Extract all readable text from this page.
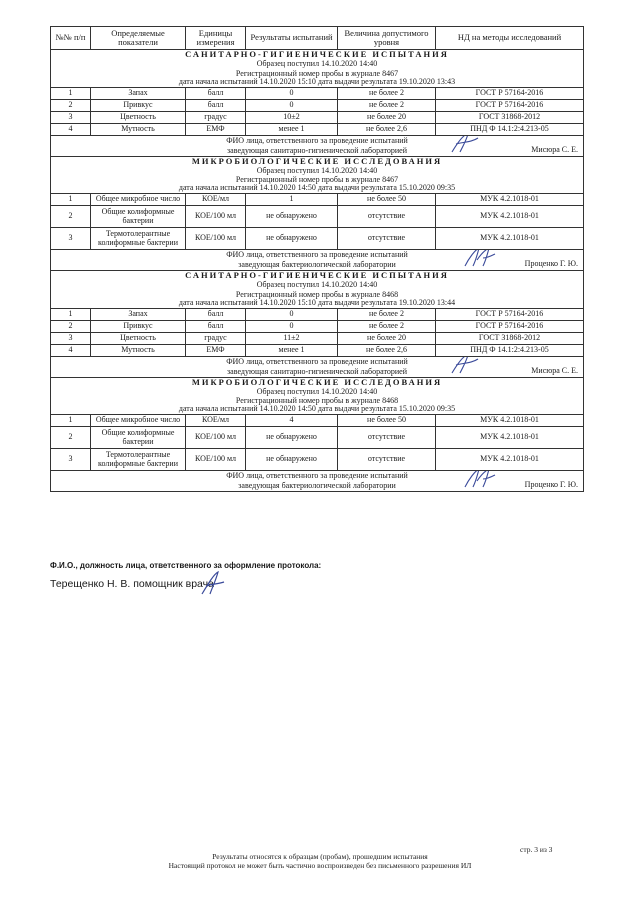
№№ п/п	Определяемые показатели	Единицы измерения	Результаты испытаний	Величина допустимого уровня	НД на методы исследований
САНИТАРНО-ГИГИЕНИЧЕСКИЕ ИСПЫТАНИЯ					
Образец поступил 14.10.2020 14:40					
Регистрационный номер пробы в журнале 8467					
дата начала испытаний 14.10.2020 15:10 дата выдачи результата 19.10.2020 13:43					
1	Запах	балл	0	не более 2	ГОСТ Р 57164-2016
2	Привкус	балл	0	не более 2	ГОСТ Р 57164-2016
3	Цветность	градус	10±2	не более 20	ГОСТ 31868-2012
4	Мутность	ЕМФ	менее 1	не более 2,6	ПНД Ф 14.1:2:4.213-05

ФИО лица, ответственного за проведение испытаний
заведующая санитарно-гигиенической лабораторией Мисюра С. Е.					

МИКРОБИОЛОГИЧЕСКИЕ ИССЛЕДОВАНИЯ					
Образец поступил 14.10.2020 14:40					
Регистрационный номер пробы в журнале 8467					
дата начала испытаний 14.10.2020 14:50 дата выдачи результата 15.10.2020 09:35					
1	Общее микробное число	КОЕ/мл	1	не более 50	МУК 4.2.1018-01
2	Общие колиформные бактерии	КОЕ/100 мл	не обнаружено	отсутствие	МУК 4.2.1018-01
3	Термотолерантные колиформные бактерии	КОЕ/100 мл	не обнаружено	отсутствие	МУК 4.2.1018-01

ФИО лица, ответственного за проведение испытаний
заведующая бактериологической лаборатории Проценко Г. Ю.					

САНИТАРНО-ГИГИЕНИЧЕСКИЕ ИСПЫТАНИЯ					
Образец поступил 14.10.2020 14:40					
Регистрационный номер пробы в журнале 8468					
дата начала испытаний 14.10.2020 15:10 дата выдачи результата 19.10.2020 13:44					
1	Запах	балл	0	не более 2	ГОСТ Р 57164-2016
2	Привкус	балл	0	не более 2	ГОСТ Р 57164-2016
3	Цветность	градус	11±2	не более 20	ГОСТ 31868-2012
4	Мутность	ЕМФ	менее 1	не более 2,6	ПНД Ф 14.1:2:4.213-05

ФИО лица, ответственного за проведение испытаний
заведующая санитарно-гигиенической лабораторией Мисюра С. Е.					

МИКРОБИОЛОГИЧЕСКИЕ ИССЛЕДОВАНИЯ					
Образец поступил 14.10.2020 14:40					
Регистрационный номер пробы в журнале 8468					
дата начала испытаний 14.10.2020 14:50 дата выдачи результата 15.10.2020 09:35					
1	Общее микробное число	КОЕ/мл	4	не более 50	МУК 4.2.1018-01
2	Общие колиформные бактерии	КОЕ/100 мл	не обнаружено	отсутствие	МУК 4.2.1018-01
3	Термотолерантные колиформные бактерии	КОЕ/100 мл	не обнаружено	отсутствие	МУК 4.2.1018-01

ФИО лица, ответственного за проведение испытаний
заведующая бактериологической лаборатории Проценко Г. Ю.					
Ф.И.О., должность лица, ответственного за оформление протокола:
Терещенко Н. В. помощник врача
стр. 3 из 3
Результаты относятся к образцам (пробам), прошедшим испытания
Настоящий протокол не может быть частично воспроизведен без письменного разрешения ИЛ
